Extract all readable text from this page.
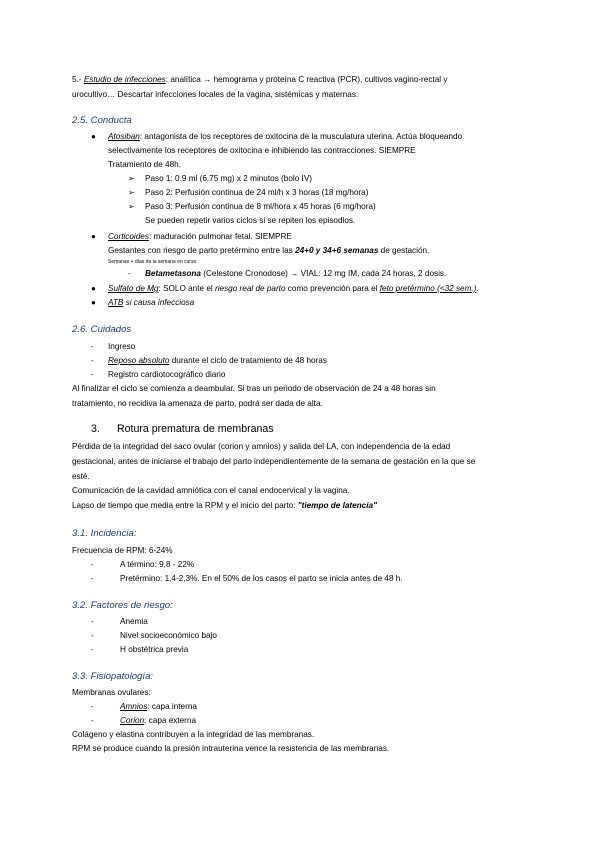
5.- Estudio de infecciones: analítica → hemograma y proteína C reactiva (PCR), cultivos vagino-rectal y
urocultivo… Descartar infecciones locales de la vagina, sistémicas y maternas.
2.5. Conducta
● Atosiban: antagonista de los receptores de oxitocina de la musculatura uterina. Actúa bloqueando
selectivamente los receptores de oxitocina e inhibiendo las contracciones. SIEMPRE
Tratamiento de 48h.
➢ Paso 1: 0.9 ml (6.75 mg) x 2 minutos (bolo IV)
➢ Paso 2: Perfusión continua de 24 ml/h x 3 horas (18 mg/hora)
➢ Paso 3: Perfusión continua de 8 ml/hora x 45 horas (6 mg/hora)
Se pueden repetir varios ciclos si se repiten los episodios.
● Corticoides: maduración pulmonar fetal. SIEMPRE
Gestantes con riesgo de parto pretérmino entre las 24+0 y 34+6 semanas de gestación.
Semanas + días de la semana en curso
- Betametasona (Celestone Cronodose) → VIAL: 12 mg IM, cada 24 horas, 2 dosis.
● Sulfato de Mg: SOLO ante el riesgo real de parto como prevención para el feto pretérmino (<32 sem.).
● ATB si causa infecciosa
2.6. Cuidados
- Ingreso
- Reposo absoluto durante el ciclo de tratamiento de 48 horas
- Registro cardiotocográfico diario
Al finalizar el ciclo se comienza a deambular. Si tras un periodo de observación de 24 a 48 horas sin
tratamiento, no recidiva la amenaza de parto, podrá ser dada de alta.
3. Rotura prematura de membranas
Pérdida de la integridad del saco ovular (corion y amnios) y salida del LA, con independencia de la edad
gestacional, antes de iniciarse el trabajo del parto independientemente de la semana de gestación en la que se
esté.
Comunicación de la cavidad amniótica con el canal endocervical y la vagina.
Lapso de tiempo que media entre la RPM y el inicio del parto: "tiempo de latencia"
3.1. Incidencia:
Frecuencia de RPM: 6-24%
-	A término: 9,8 - 22%
-	Pretérmino: 1,4-2,3%. En el 50% de los casos el parto se inicia antes de 48 h.
3.2. Factores de riesgo:
-	Anemia
-	Nivel socioeconómico bajo
-	H obstétrica previa
3.3. Fisiopatología:
Membranas ovulares:
-	Amnios: capa interna
-	Corion: capa externa
Colágeno y elastina contribuyen a la integridad de las membranas.
RPM se produce cuando la presión intrauterina vence la resistencia de las membranas.
